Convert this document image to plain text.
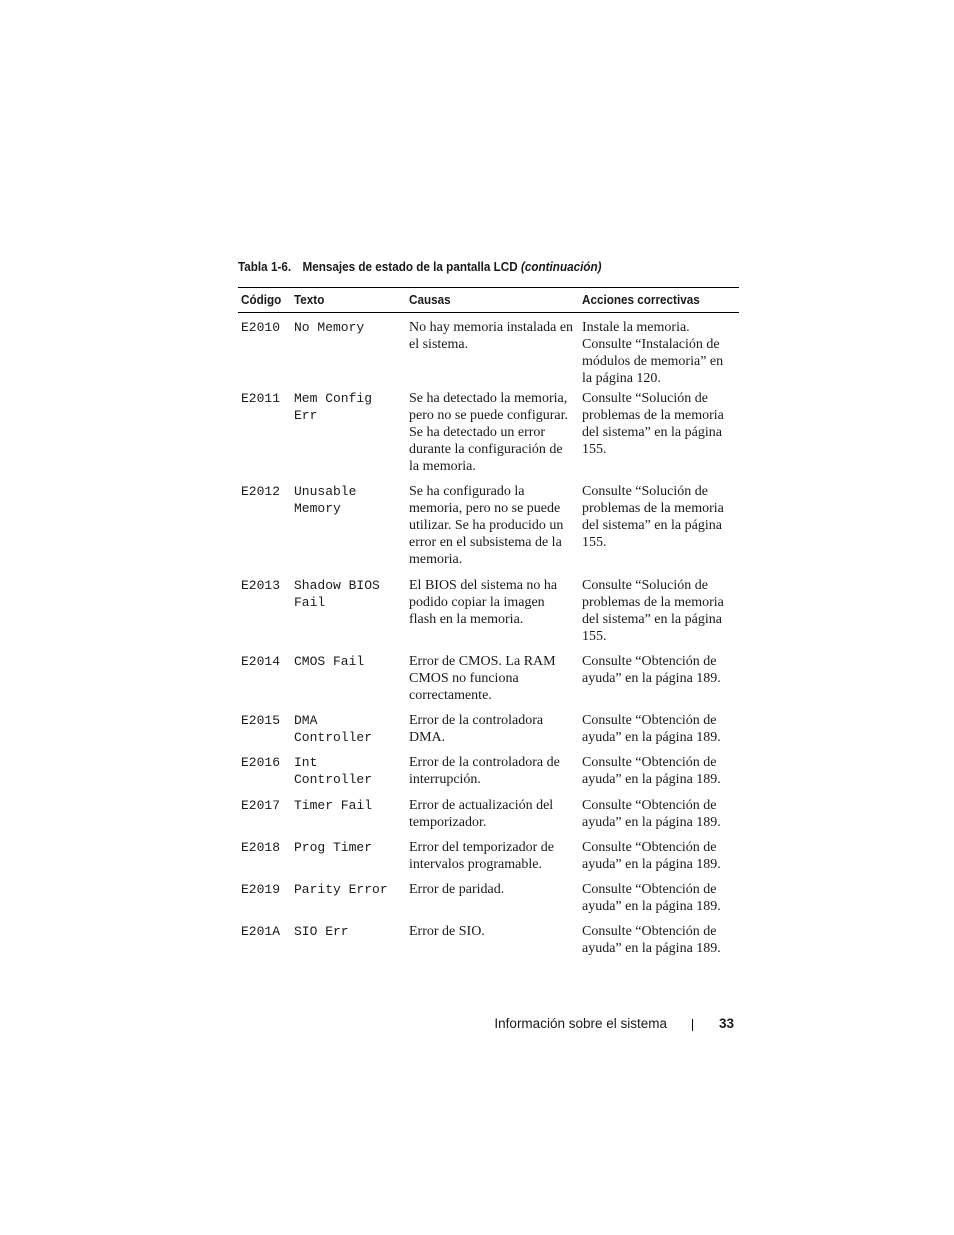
Tabla 1-6. Mensajes de estado de la pantalla LCD (continuación)
Código	Texto	Causas	Acciones correctivas
E2010	No Memory	No hay memoria instalada en el sistema.	Instale la memoria. Consulte “Instalación de módulos de memoria” en la página 120.
E2011	Mem Config Err	Se ha detectado la memoria, pero no se puede configurar. Se ha detectado un error durante la configuración de la memoria.	Consulte “Solución de problemas de la memoria del sistema” en la página 155.
E2012	Unusable Memory	Se ha configurado la memoria, pero no se puede utilizar. Se ha producido un error en el subsistema de la memoria.	Consulte “Solución de problemas de la memoria del sistema” en la página 155.
E2013	Shadow BIOS Fail	El BIOS del sistema no ha podido copiar la imagen flash en la memoria.	Consulte “Solución de problemas de la memoria del sistema” en la página 155.
E2014	CMOS Fail	Error de CMOS. La RAM CMOS no funciona correctamente.	Consulte “Obtención de ayuda” en la página 189.
E2015	DMA Controller	Error de la controladora DMA.	Consulte “Obtención de ayuda” en la página 189.
E2016	Int Controller	Error de la controladora de interrupción.	Consulte “Obtención de ayuda” en la página 189.
E2017	Timer Fail	Error de actualización del temporizador.	Consulte “Obtención de ayuda” en la página 189.
E2018	Prog Timer	Error del temporizador de intervalos programable.	Consulte “Obtención de ayuda” en la página 189.
E2019	Parity Error	Error de paridad.	Consulte “Obtención de ayuda” en la página 189.
E201A	SIO Err	Error de SIO.	Consulte “Obtención de ayuda” en la página 189.
Información sobre el sistema	33
